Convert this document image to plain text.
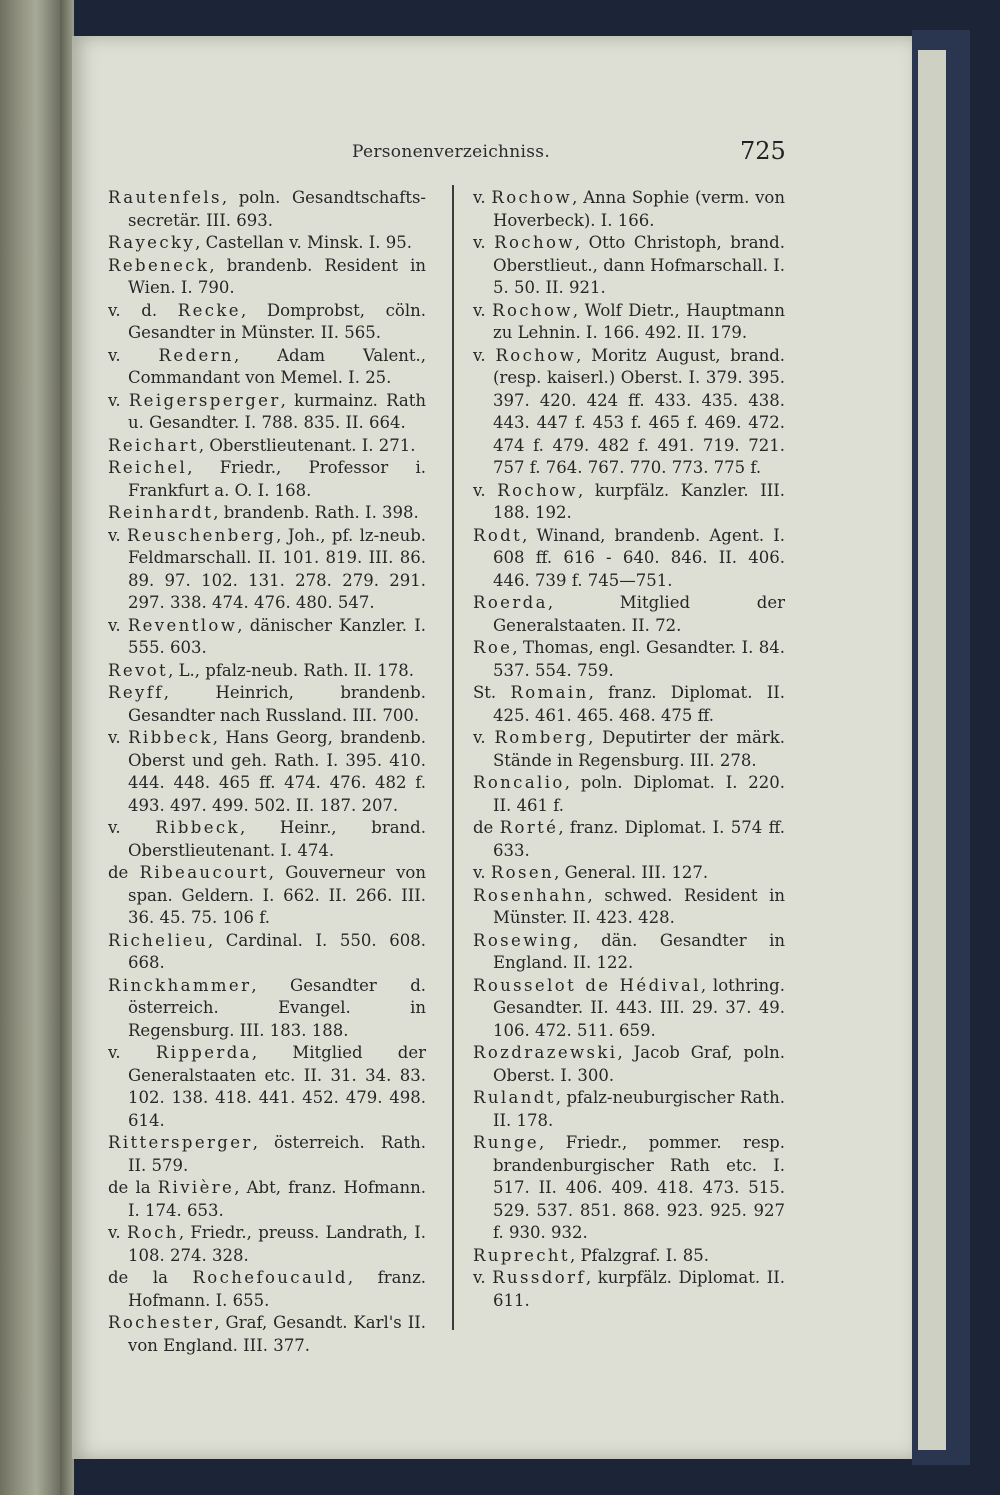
Personenverzeichniss.	725

Rautenfels, poln. Gesandtschafts-secretär. III. 693.

Rayecky, Castellan v. Minsk. I. 95.

Rebeneck, brandenb. Resident in Wien. I. 790.

v. d. Recke, Domprobst, cöln. Gesandter in Münster. II. 565.

v. Redern, Adam Valent., Commandant von Memel. I. 25.

v. Reigersperger, kurmainz. Rath u. Gesandter. I. 788. 835. II. 664.

Reichart, Oberstlieutenant. I. 271.

Reichel, Friedr., Professor i. Frankfurt a. O. I. 168.

Reinhardt, brandenb. Rath. I. 398.

v. Reuschenberg, Joh., pf. lz-neub. Feldmarschall. II. 101. 819. III. 86. 89. 97. 102. 131. 278. 279. 291. 297. 338. 474. 476. 480. 547.

v. Reventlow, dänischer Kanzler. I. 555. 603.

Revot, L., pfalz-neub. Rath. II. 178.

Reyff, Heinrich, brandenb. Gesandter nach Russland. III. 700.

v. Ribbeck, Hans Georg, brandenb. Oberst und geh. Rath. I. 395. 410. 444. 448. 465 ff. 474. 476. 482 f. 493. 497. 499. 502. II. 187. 207.

v. Ribbeck, Heinr., brand. Oberstlieutenant. I. 474.

de Ribeaucourt, Gouverneur von span. Geldern. I. 662. II. 266. III. 36. 45. 75. 106 f.

Richelieu, Cardinal. I. 550. 608. 668.

Rinckhammer, Gesandter d. österreich. Evangel. in Regensburg. III. 183. 188.

v. Ripperda, Mitglied der Generalstaaten etc. II. 31. 34. 83. 102. 138. 418. 441. 452. 479. 498. 614.

Rittersperger, österreich. Rath. II. 579.

de la Rivière, Abt, franz. Hofmann. I. 174. 653.

v. Roch, Friedr., preuss. Landrath, I. 108. 274. 328.

de la Rochefoucauld, franz. Hofmann. I. 655.

Rochester, Graf, Gesandt. Karl's II. von England. III. 377.

v. Rochow, Anna Sophie (verm. von Hoverbeck). I. 166.

v. Rochow, Otto Christoph, brand. Oberstlieut., dann Hofmarschall. I. 5. 50. II. 921.

v. Rochow, Wolf Dietr., Hauptmann zu Lehnin. I. 166. 492. II. 179.

v. Rochow, Moritz August, brand. (resp. kaiserl.) Oberst. I. 379. 395. 397. 420. 424 ff. 433. 435. 438. 443. 447 f. 453 f. 465 f. 469. 472. 474 f. 479. 482 f. 491. 719. 721. 757 f. 764. 767. 770. 773. 775 f.

v. Rochow, kurpfälz. Kanzler. III. 188. 192.

Rodt, Winand, brandenb. Agent. I. 608 ff. 616 - 640. 846. II. 406. 446. 739 f. 745—751.

Roerda, Mitglied der Generalstaaten. II. 72.

Roe, Thomas, engl. Gesandter. I. 84. 537. 554. 759.

St. Romain, franz. Diplomat. II. 425. 461. 465. 468. 475 ff.

v. Romberg, Deputirter der märk. Stände in Regensburg. III. 278.

Roncalio, poln. Diplomat. I. 220. II. 461 f.

de Rorté, franz. Diplomat. I. 574 ff. 633.

v. Rosen, General. III. 127.

Rosenhahn, schwed. Resident in Münster. II. 423. 428.

Rosewing, dän. Gesandter in England. II. 122.

Rousselot de Hédival, lothring. Gesandter. II. 443. III. 29. 37. 49. 106. 472. 511. 659.

Rozdrazewski, Jacob Graf, poln. Oberst. I. 300.

Rulandt, pfalz-neuburgischer Rath. II. 178.

Runge, Friedr., pommer. resp. brandenburgischer Rath etc. I. 517. II. 406. 409. 418. 473. 515. 529. 537. 851. 868. 923. 925. 927 f. 930. 932.

Ruprecht, Pfalzgraf. I. 85.

v. Russdorf, kurpfälz. Diplomat. II. 611.
